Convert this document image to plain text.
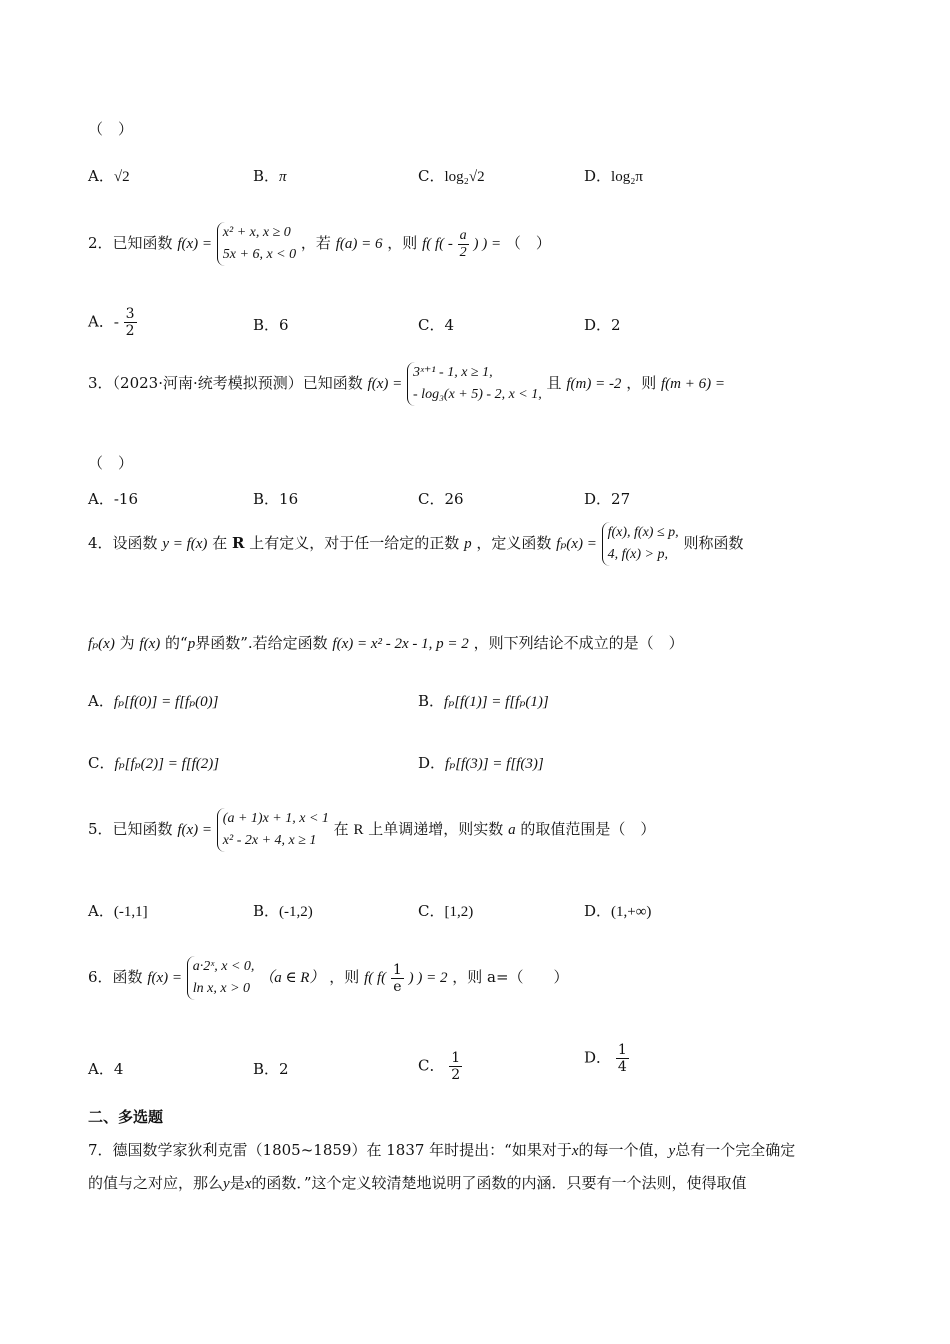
（　）
A．√2	B．π	C．log₂√2	D．log₂π
2．已知函数 f(x) = x² + x, x ≥ 0
5x + 6, x < 0 ，若 f(a) = 6 ，则 f( $f( - \frac{a}{2}$ ) ) = （　）
A．- $\frac{3}{2}$	B．6	C．4	D．2
3．（2023·河南·统考模拟预测）已知函数 f(x) = 3ˣ⁺¹ - 1, x ≥ 1,
- log₃(x + 5) - 2, x < 1, 且 f(m) = -2 ，则 f(m + 6) =
（　）
A．-16	B．16	C．26	D．27
4．设函数 y = f(x) 在 R 上有定义，对于任一给定的正数 p ，定义函数 fₚ(x) = f(x), f(x) ≤ p,
4, f(x) > p, 则称函数
fₚ(x) 为 f(x) 的“p界函数”.若给定函数 f(x) = x² - 2x - 1, p = 2 ，则下列结论不成立的是（　）
A．fₚ[f(0)] = f[fₚ(0)]	B．fₚ[f(1)] = f[fₚ(1)]
C．fₚ[fₚ(2)] = f[f(2)]	D．fₚ[f(3)] = f[f(3)]
5．已知函数 f(x) = (a + 1)x + 1, x < 1
x² - 2x + 4, x ≥ 1 在 R 上单调递增，则实数 a 的取值范围是（　）
A．(-1,1]	B．(-1,2)	C．[1,2)	D．(1,+∞)
6．函数 f(x) = a·2ˣ, x < 0,
ln x, x > 0 （a ∈ R） ，则 f( $f( \frac{1}{e}$ ) ) = 2 ，则 a=（　　）
A．4	B．2	C． $\frac{1}{2}$	D． $\frac{1}{4}$
二、多选题
7．德国数学家狄利克雷（1805~1859）在 1837 年时提出：“如果对于x的每一个值，y总有一个完全确定
的值与之对应，那么y是x的函数．”这个定义较清楚地说明了函数的内涵．只要有一个法则，使得取值
